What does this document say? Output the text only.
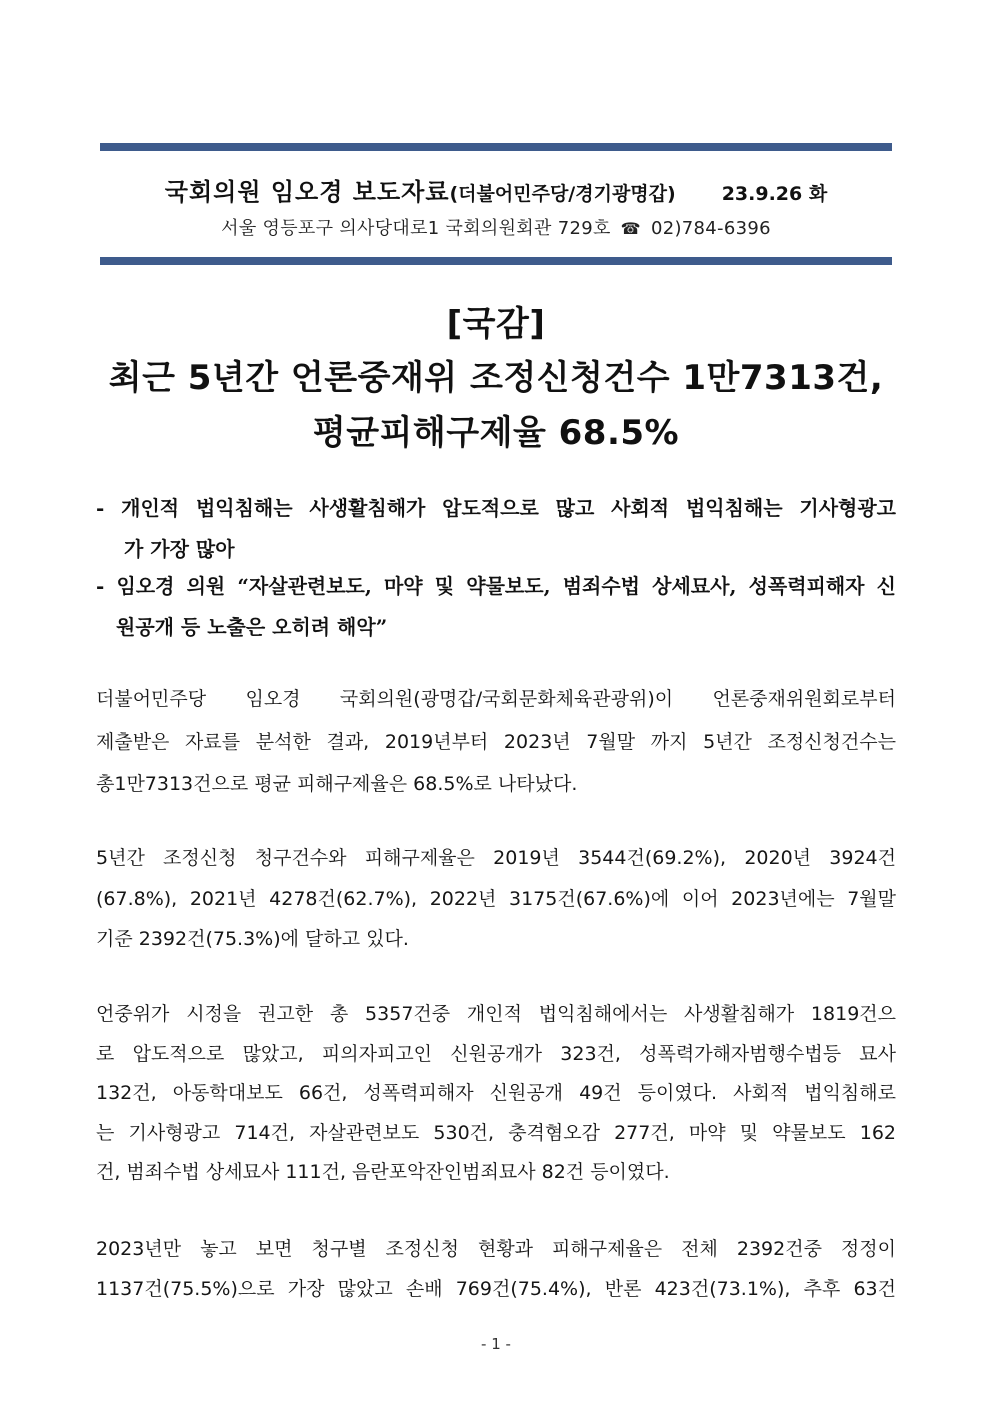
국회의원 임오경 보도자료 (더불어민주당/경기광명갑) 23.9.26 화
서울 영등포구 의사당대로1 국회의원회관 729호 ☎ 02)784-6396
[국감]
최근 5년간 언론중재위 조정신청건수 1만7313건,
평균피해구제율 68.5%
- 개인적 법익침해는 사생활침해가 압도적으로 많고 사회적 법익침해는 기사형광고
가 가장 많아
- 임오경 의원 “자살관련보도, 마약 및 약물보도, 범죄수법 상세묘사, 성폭력피해자 신
원공개 등 노출은 오히려 해악”
더불어민주당 임오경 국회의원(광명갑/국회문화체육관광위)이 언론중재위원회로부터
제출받은 자료를 분석한 결과, 2019년부터 2023년 7월말 까지 5년간 조정신청건수는
총1만7313건으로 평균 피해구제율은 68.5%로 나타났다.
5년간 조정신청 청구건수와 피해구제율은 2019년 3544건(69.2%), 2020년 3924건
(67.8%), 2021년 4278건(62.7%), 2022년 3175건(67.6%)에 이어 2023년에는 7월말
기준 2392건(75.3%)에 달하고 있다.
언중위가 시정을 권고한 총 5357건중 개인적 법익침해에서는 사생활침해가 1819건으
로 압도적으로 많았고, 피의자피고인 신원공개가 323건, 성폭력가해자범행수법등 묘사
132건, 아동학대보도 66건, 성폭력피해자 신원공개 49건 등이였다. 사회적 법익침해로
는 기사형광고 714건, 자살관련보도 530건, 충격혐오감 277건, 마약 및 약물보도 162
건, 범죄수법 상세묘사 111건, 음란포악잔인범죄묘사 82건 등이였다.
2023년만 놓고 보면 청구별 조정신청 현황과 피해구제율은 전체 2392건중 정정이
1137건(75.5%)으로 가장 많았고 손배 769건(75.4%), 반론 423건(73.1%), 추후 63건
- 1 -
